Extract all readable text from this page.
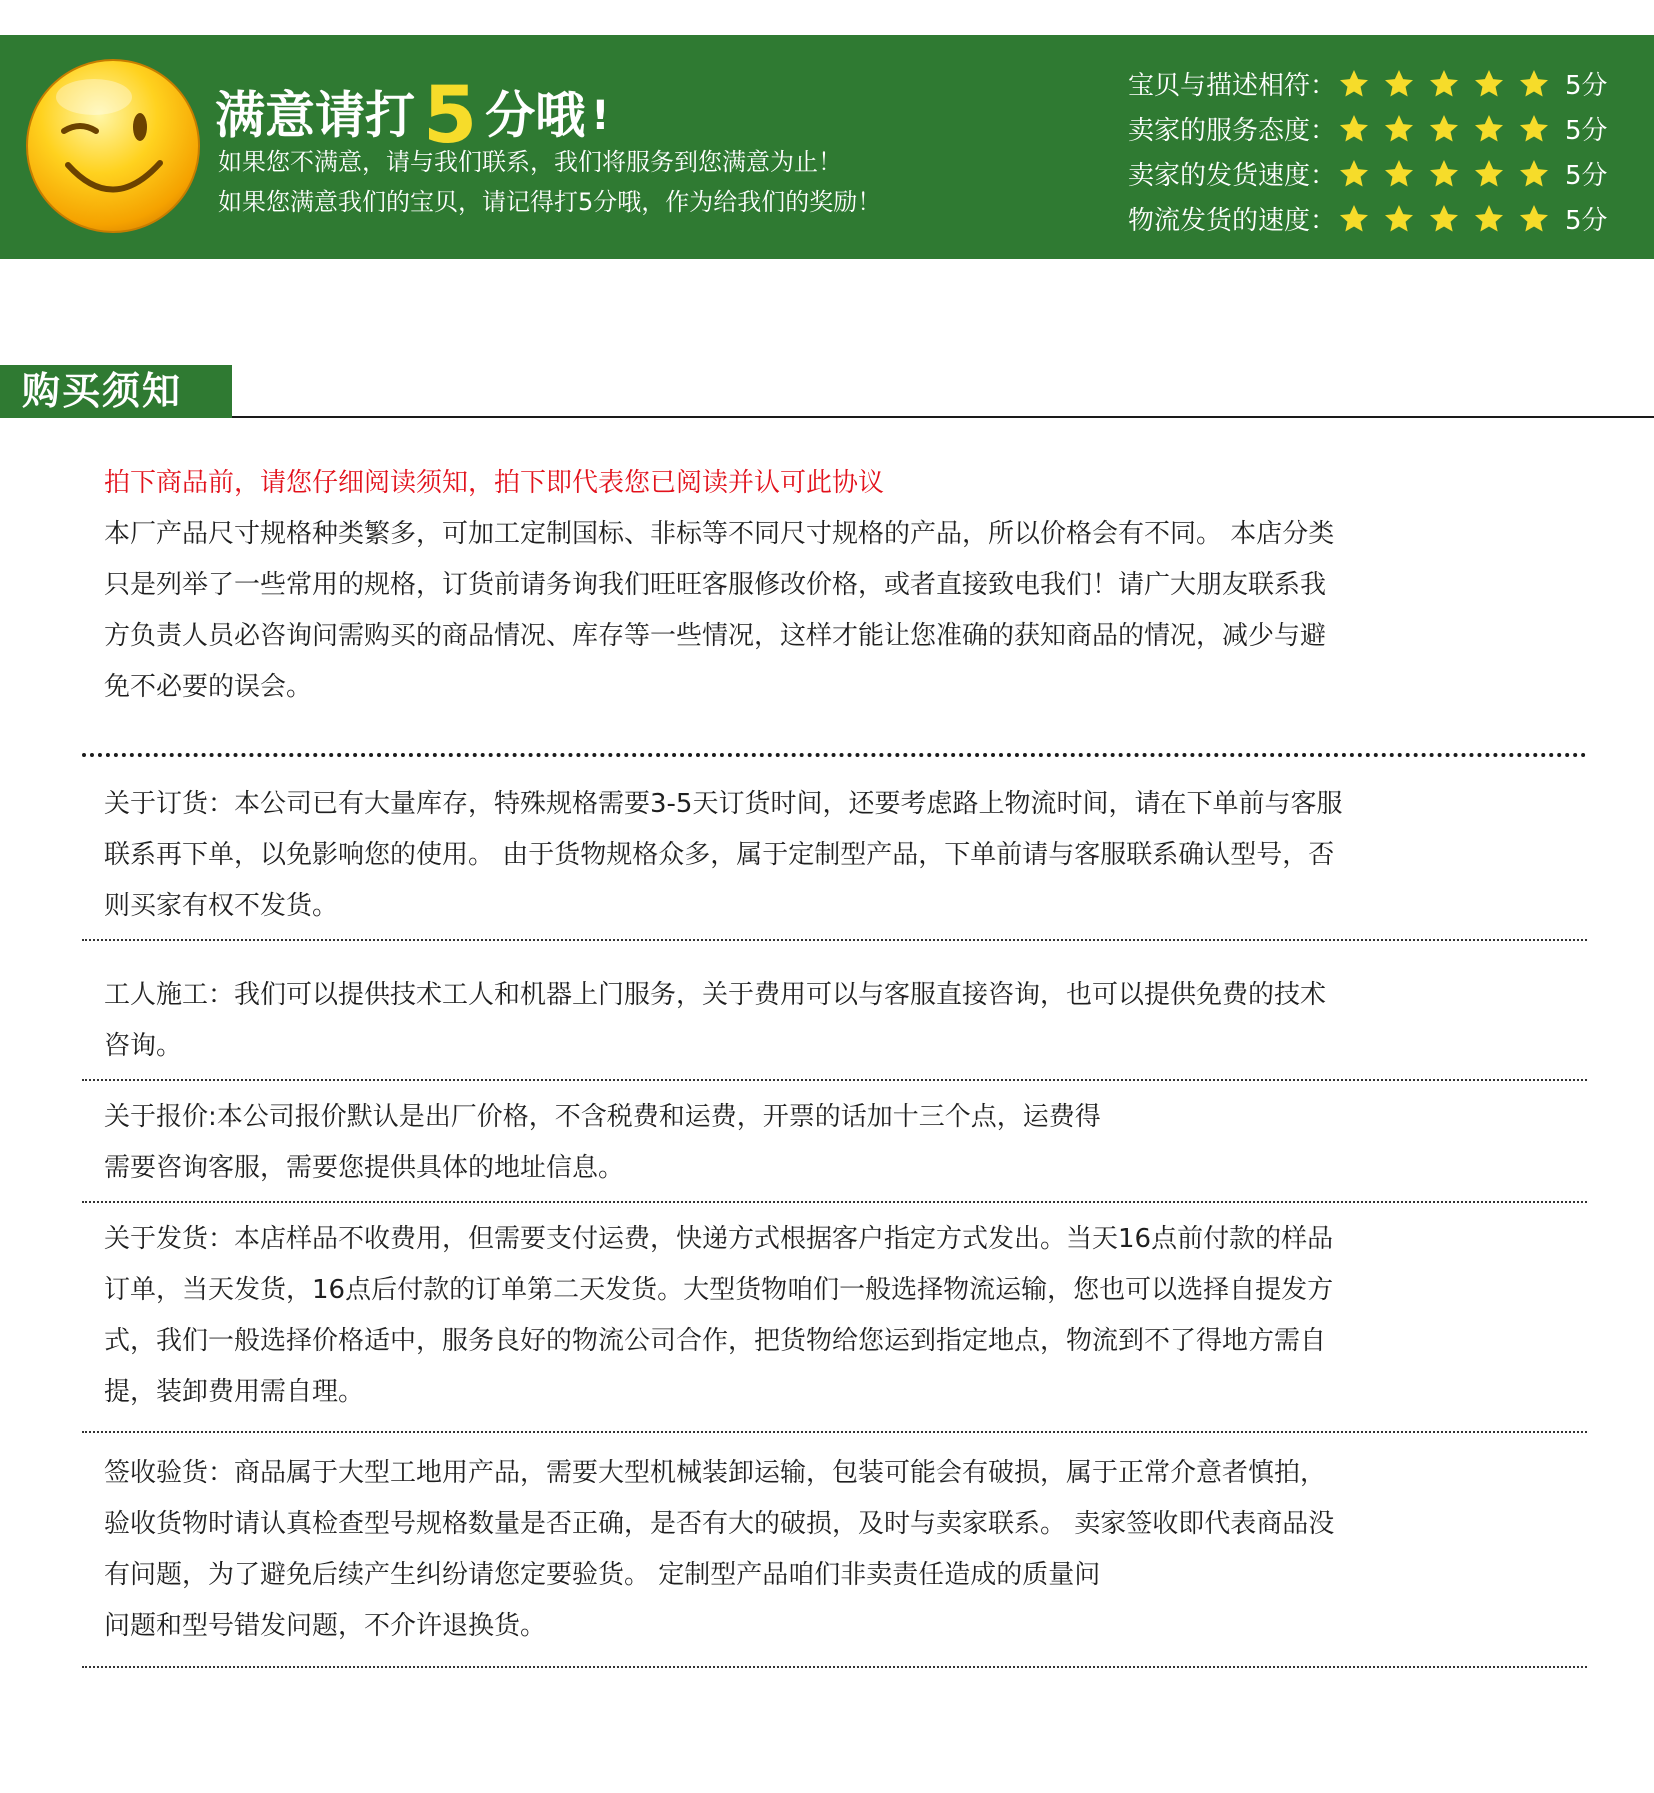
满意请打 5 分哦 !
如果您不满意，请与我们联系，我们将服务到您满意为止！
如果您满意我们的宝贝，请记得打5分哦，作为给我们的奖励！
宝贝与描述相符：	5分
卖家的服务态度：	5分
卖家的发货速度：	5分
物流发货的速度：	5分
购买须知
拍下商品前，请您仔细阅读须知，拍下即代表您已阅读并认可此协议
本厂产品尺寸规格种类繁多，可加工定制国标、非标等不同尺寸规格的产品，所以价格会有不同。 本店分类
只是列举了一些常用的规格，订货前请务询我们旺旺客服修改价格，或者直接致电我们！请广大朋友联系我
方负责人员必咨询问需购买的商品情况、库存等一些情况，这样才能让您准确的获知商品的情况，减少与避
免不必要的误会。
关于订货：本公司已有大量库存，特殊规格需要3-5天订货时间，还要考虑路上物流时间，请在下单前与客服
联系再下单，以免影响您的使用。 由于货物规格众多，属于定制型产品，下单前请与客服联系确认型号，否
则买家有权不发货。
工人施工：我们可以提供技术工人和机器上门服务，关于费用可以与客服直接咨询，也可以提供免费的技术
咨询。
关于报价:本公司报价默认是出厂价格，不含税费和运费，开票的话加十三个点，运费得
需要咨询客服，需要您提供具体的地址信息。
关于发货：本店样品不收费用，但需要支付运费，快递方式根据客户指定方式发出。当天16点前付款的样品
订单，当天发货，16点后付款的订单第二天发货。大型货物咱们一般选择物流运输，您也可以选择自提发方
式，我们一般选择价格适中，服务良好的物流公司合作，把货物给您运到指定地点，物流到不了得地方需自
提，装卸费用需自理。
签收验货：商品属于大型工地用产品，需要大型机械装卸运输，包装可能会有破损，属于正常介意者慎拍，
验收货物时请认真检查型号规格数量是否正确，是否有大的破损，及时与卖家联系。 卖家签收即代表商品没
有问题，为了避免后续产生纠纷请您定要验货。 定制型产品咱们非卖责任造成的质量问
问题和型号错发问题，不介许退换货。
